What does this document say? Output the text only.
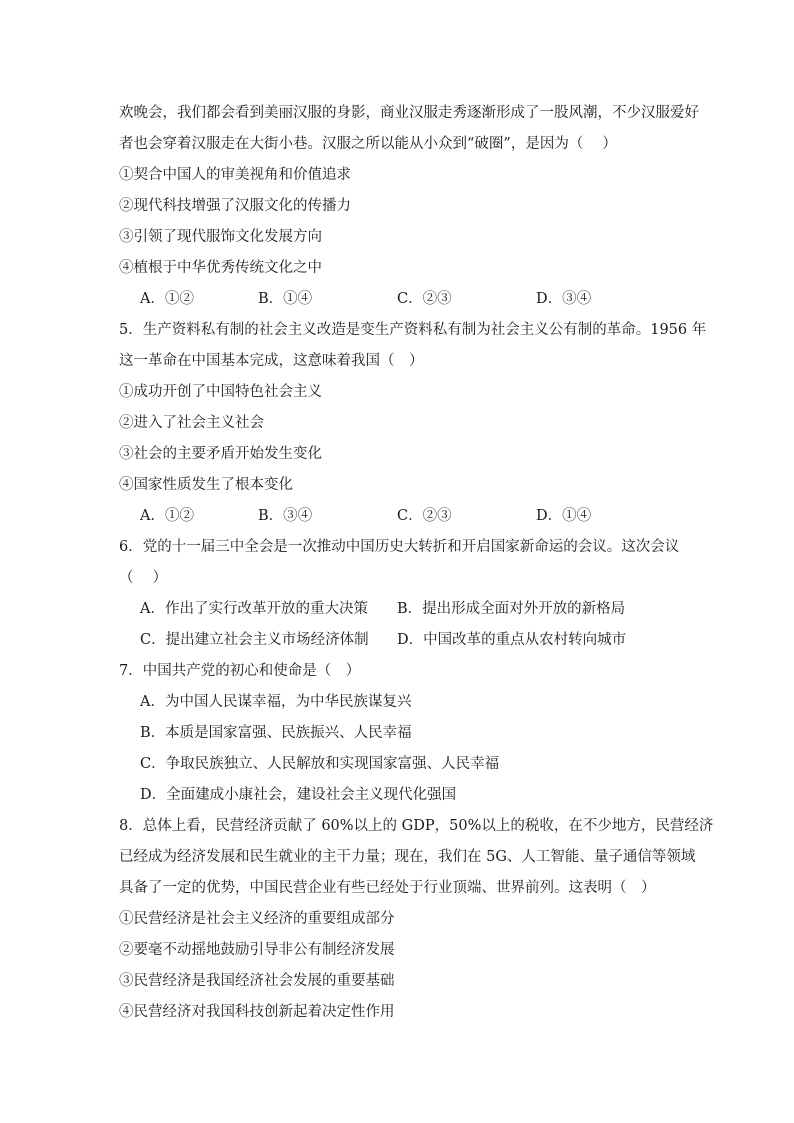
欢晚会，我们都会看到美丽汉服的身影，商业汉服走秀逐渐形成了一股风潮，不少汉服爱好
者也会穿着汉服走在大街小巷。汉服之所以能从小众到“破圈”，是因为（　 ）
①契合中国人的审美视角和价值追求
②现代科技增强了汉服文化的传播力
③引领了现代服饰文化发展方向
④植根于中华优秀传统文化之中
A．①②	B．①④	C．②③	D．③④
5．生产资料私有制的社会主义改造是变生产资料私有制为社会主义公有制的革命。1956 年
这一革命在中国基本完成，这意味着我国（　）
①成功开创了中国特色社会主义
②进入了社会主义社会
③社会的主要矛盾开始发生变化
④国家性质发生了根本变化
A．①②	B．③④	C．②③	D．①④
6．党的十一届三中全会是一次推动中国历史大转折和开启国家新命运的会议。这次会议
（　 ）
A．作出了实行改革开放的重大决策 B．提出形成全面对外开放的新格局
C．提出建立社会主义市场经济体制 D．中国改革的重点从农村转向城市
7．中国共产党的初心和使命是（　）
A．为中国人民谋幸福，为中华民族谋复兴
B．本质是国家富强、民族振兴、人民幸福
C．争取民族独立、人民解放和实现国家富强、人民幸福
D．全面建成小康社会，建设社会主义现代化强国
8．总体上看，民营经济贡献了 60%以上的 GDP，50%以上的税收，在不少地方，民营经济
已经成为经济发展和民生就业的主干力量；现在，我们在 5G、人工智能、量子通信等领域
具备了一定的优势，中国民营企业有些已经处于行业顶端、世界前列。这表明（　）
①民营经济是社会主义经济的重要组成部分
②要毫不动摇地鼓励引导非公有制经济发展
③民营经济是我国经济社会发展的重要基础
④民营经济对我国科技创新起着决定性作用
